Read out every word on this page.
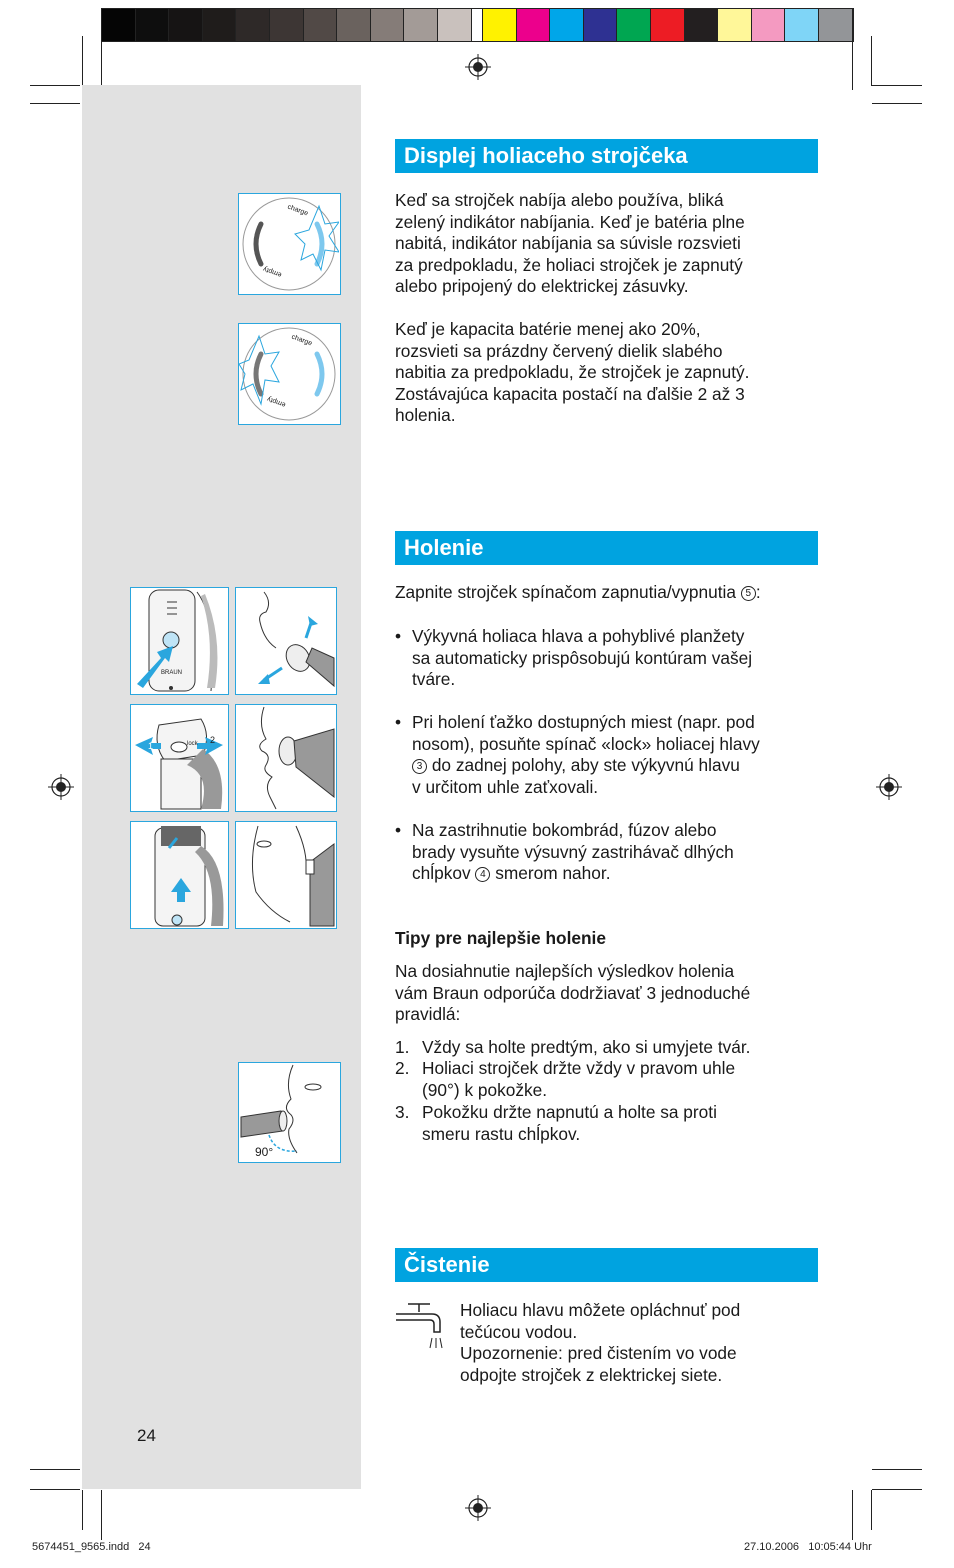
charge
empty
charge
empty
BRAUN
1
2
lock
90°
Displej holiaceho strojčeka

Keď sa strojček nabíja alebo používa, bliká

zelený indikátor nabíjania. Keď je batéria plne

nabitá, indikátor nabíjania sa súvisle rozsvieti

za predpokladu, že holiaci strojček je zapnutý

alebo pripojený do elektrickej zásuvky.

Keď je kapacita batérie menej ako 20%,

rozsvieti sa prázdny červený dielik slabého

nabitia za predpokladu, že strojček je zapnutý.

Zostávajúca kapacita postačí na ďalšie 2 až 3

holenia.

Holenie
Zapnite strojček spínačom zapnutia/vypnutia 5 :
• Výkyvná holiaca hlava a pohyblivé planžety
sa automaticky prispôsobujú kontúram vašej
tváre.
• Pri holení ťažko dostupných miest (napr. pod
nosom), posuňte spínač «lock» holiacej hlavy
3 do zadnej polohy, aby ste výkyvnú hlavu
v určitom uhle zaťxovali.
• Na zastrihnutie bokombrád, fúzov alebo
brady vysuňte výsuvný zastrihávač dlhých
chĺpkov 4 smerom nahor.
Tipy pre najlepšie holenie

Na dosiahnutie najlepších výsledkov holenia

vám Braun odporúča dodržiavať 3 jednoduché

pravidlá:

1. Vždy sa holte predtým, ako si umyjete tvár.
2. Holiaci strojček držte vždy v pravom uhle
(90°) k pokožke.
3. Pokožku držte napnutú a holte sa proti
smeru rastu chĺpkov.
Čistenie

Holiacu hlavu môžete opláchnuť pod

tečúcou vodou.

Upozornenie: pred čistením vo vode

odpojte strojček z elektrickej siete.

24
5674451_9565.indd   24	27.10.2006   10:05:44 Uhr
